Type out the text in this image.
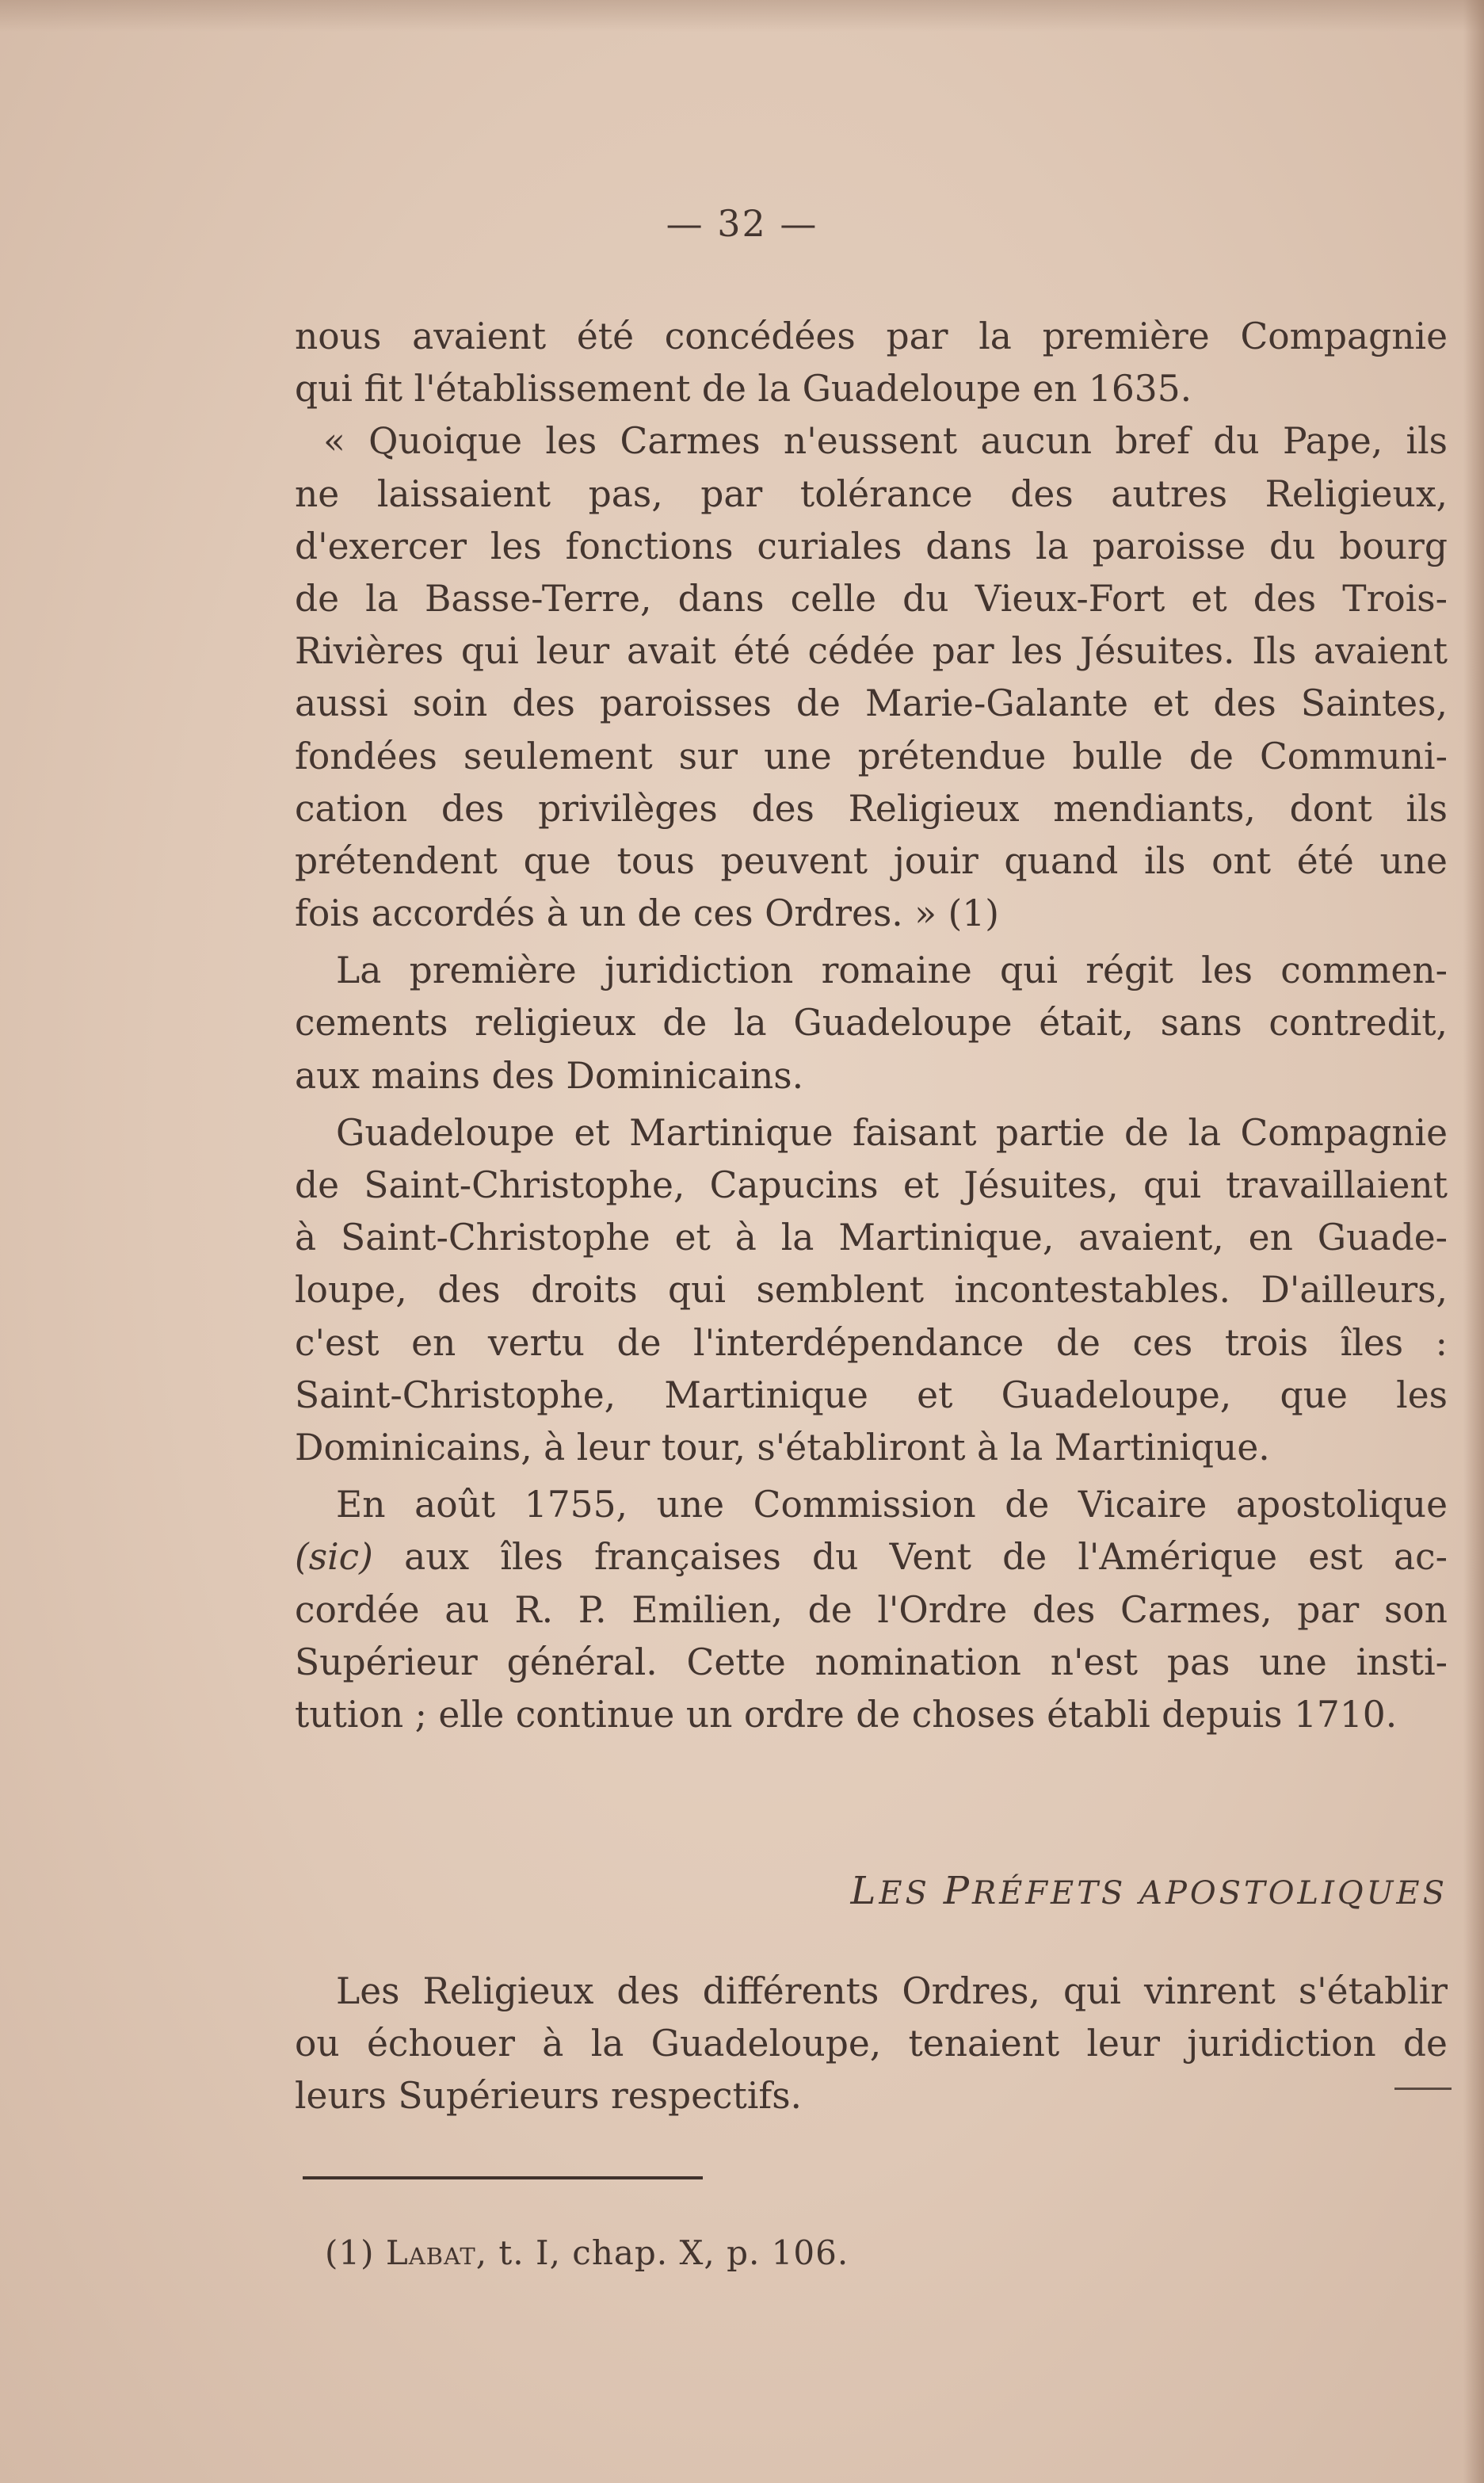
— 32 —
nous avaient été concédées par la première Compagnie
qui fit l'établissement de la Guadeloupe en 1635.
« Quoique les Carmes n'eussent aucun bref du Pape, ils
ne laissaient pas, par tolérance des autres Religieux,
d'exercer les fonctions curiales dans la paroisse du bourg
de la Basse-Terre, dans celle du Vieux-Fort et des Trois-
Rivières qui leur avait été cédée par les Jésuites. Ils avaient
aussi soin des paroisses de Marie-Galante et des Saintes,
fondées seulement sur une prétendue bulle de Communi-
cation des privilèges des Religieux mendiants, dont ils
prétendent que tous peuvent jouir quand ils ont été une
fois accordés à un de ces Ordres. » (1)
La première juridiction romaine qui régit les commen-
cements religieux de la Guadeloupe était, sans contredit,
aux mains des Dominicains.
Guadeloupe et Martinique faisant partie de la Compagnie
de Saint-Christophe, Capucins et Jésuites, qui travaillaient
à Saint-Christophe et à la Martinique, avaient, en Guade-
loupe, des droits qui semblent incontestables. D'ailleurs,
c'est en vertu de l'interdépendance de ces trois îles :
Saint-Christophe, Martinique et Guadeloupe, que les
Dominicains, à leur tour, s'établiront à la Martinique.
En août 1755, une Commission de Vicaire apostolique
(sic) aux îles françaises du Vent de l'Amérique est ac-
cordée au R. P. Emilien, de l'Ordre des Carmes, par son
Supérieur général. Cette nomination n'est pas une insti-
tution ; elle continue un ordre de choses établi depuis 1710.
LES PRÉFETS APOSTOLIQUES
Les Religieux des différents Ordres, qui vinrent s'établir
ou échouer à la Guadeloupe, tenaient leur juridiction de
leurs Supérieurs respectifs.
(1) Labat, t. I, chap. X, p. 106.
